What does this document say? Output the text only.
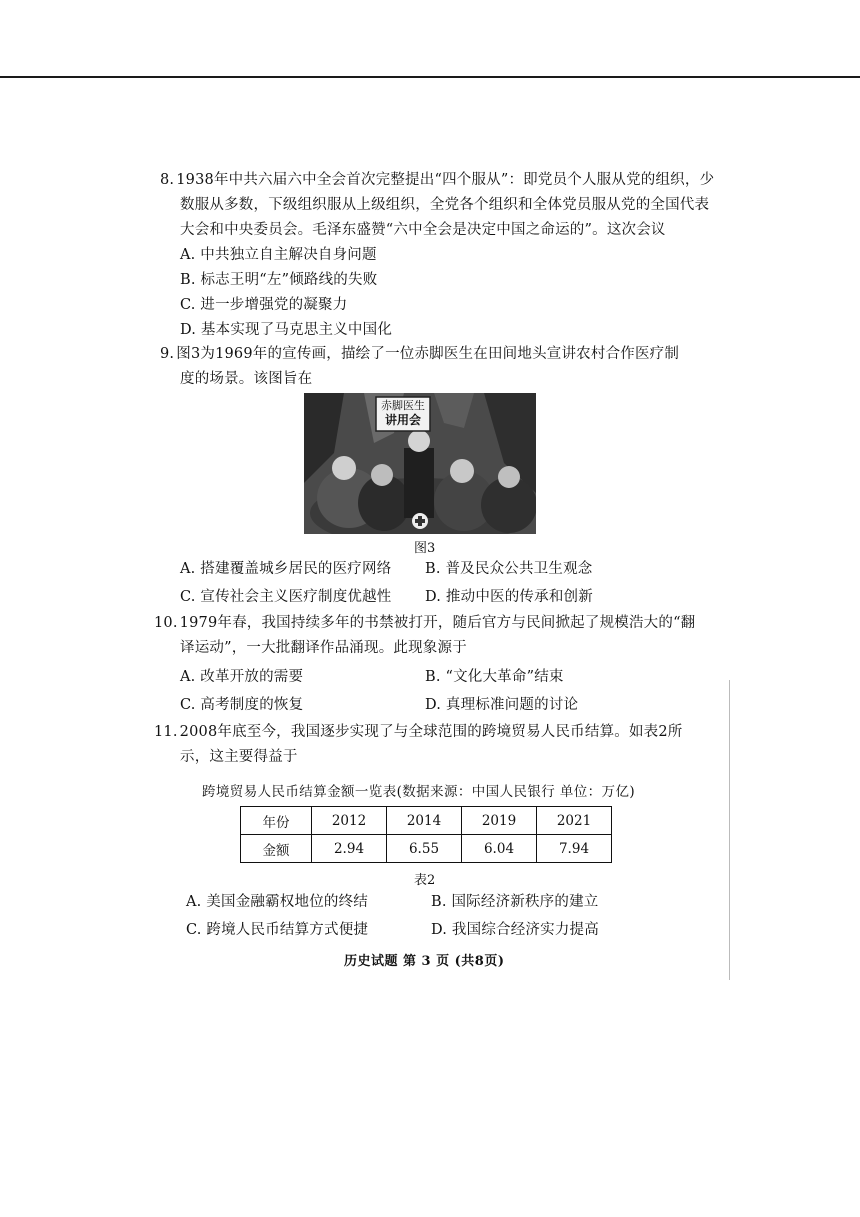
8. 1938年中共六届六中全会首次完整提出“四个服从”：即党员个人服从党的组织，少
数服从多数，下级组织服从上级组织，全党各个组织和全体党员服从党的全国代表
大会和中央委员会。毛泽东盛赞“六中全会是决定中国之命运的”。这次会议

A. 中共独立自主解决自身问题
B. 标志王明“左”倾路线的失败
C. 进一步增强党的凝聚力
D. 基本实现了马克思主义中国化

9. 图3为1969年的宣传画，描绘了一位赤脚医生在田间地头宣讲农村合作医疗制
度的场景。该图旨在

赤脚医生
讲用会
图3
A. 搭建覆盖城乡居民的医疗网络	B. 普及民众公共卫生观念
C. 宣传社会主义医疗制度优越性	D. 推动中医的传承和创新

10. 1979年春，我国持续多年的书禁被打开，随后官方与民间掀起了规模浩大的“翻
译运动”，一大批翻译作品涌现。此现象源于

A. 改革开放的需要	B. “文化大革命”结束
C. 高考制度的恢复	D. 真理标准问题的讨论

11. 2008年底至今，我国逐步实现了与全球范围的跨境贸易人民币结算。如表2所
示，这主要得益于

跨境贸易人民币结算金额一览表(数据来源：中国人民银行 单位：万亿)
年份	2012	2014	2019	2021
金额	2.94	6.55	6.04	7.94
表2
A. 美国金融霸权地位的终结	B. 国际经济新秩序的建立
C. 跨境人民币结算方式便捷	D. 我国综合经济实力提高
历史试题 第 3 页 (共8页)
